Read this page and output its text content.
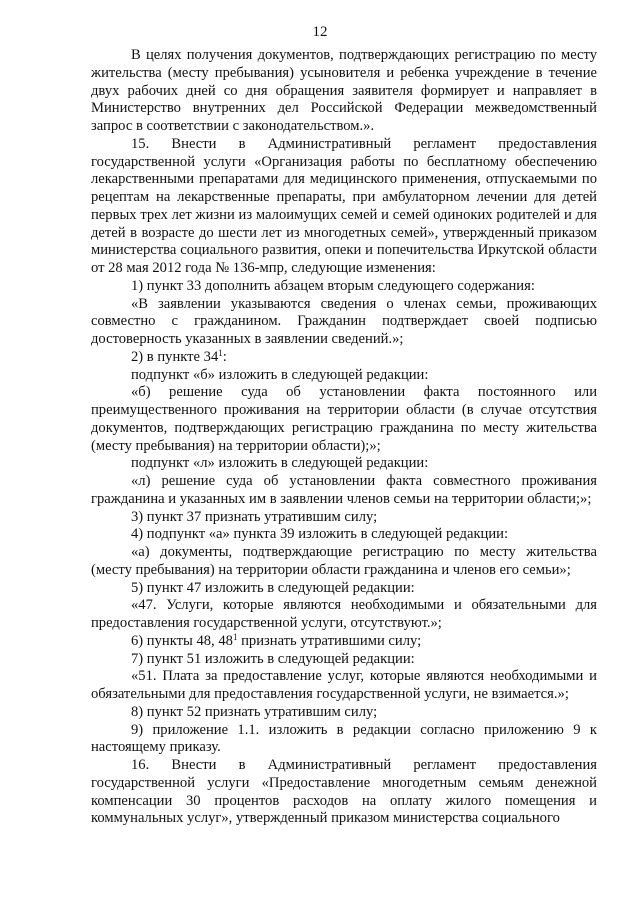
12

В целях получения документов, подтверждающих регистрацию по месту жительства (месту пребывания) усыновителя и ребенка учреждение в течение двух рабочих дней со дня обращения заявителя формирует и направляет в Министерство внутренних дел Российской Федерации межведомственный запрос в соответствии с законодательством.».

15. Внести в Административный регламент предоставления государственной услуги «Организация работы по бесплатному обеспечению лекарственными препаратами для медицинского применения, отпускаемыми по рецептам на лекарственные препараты, при амбулаторном лечении для детей первых трех лет жизни из малоимущих семей и семей одиноких родителей и для детей в возрасте до шести лет из многодетных семей», утвержденный приказом министерства социального развития, опеки и попечительства Иркутской области от 28 мая 2012 года № 136-мпр, следующие изменения:

1) пункт 33 дополнить абзацем вторым следующего содержания:

«В заявлении указываются сведения о членах семьи, проживающих совместно с гражданином. Гражданин подтверждает своей подписью достоверность указанных в заявлении сведений.»;

2) в пункте $34^1$:

подпункт «б» изложить в следующей редакции:

«б) решение суда об установлении факта постоянного или преимущественного проживания на территории области (в случае отсутствия документов, подтверждающих регистрацию гражданина по месту жительства (месту пребывания) на территории области);»;

подпункт «л» изложить в следующей редакции:

«л) решение суда об установлении факта совместного проживания гражданина и указанных им в заявлении членов семьи на территории области;»;

3) пункт 37 признать утратившим силу;

4) подпункт «а» пункта 39 изложить в следующей редакции:

«а) документы, подтверждающие регистрацию по месту жительства (месту пребывания) на территории области гражданина и членов его семьи»;

5) пункт 47 изложить в следующей редакции:

«47. Услуги, которые являются необходимыми и обязательными для предоставления государственной услуги, отсутствуют.»;

6) пункты 48, $48^1$ признать утратившими силу;

7) пункт 51 изложить в следующей редакции:

«51. Плата за предоставление услуг, которые являются необходимыми и обязательными для предоставления государственной услуги, не взимается.»;

8) пункт 52 признать утратившим силу;

9) приложение 1.1. изложить в редакции согласно приложению 9 к настоящему приказу.

16. Внести в Административный регламент предоставления государственной услуги «Предоставление многодетным семьям денежной компенсации 30 процентов расходов на оплату жилого помещения и коммунальных услуг», утвержденный приказом министерства социального
